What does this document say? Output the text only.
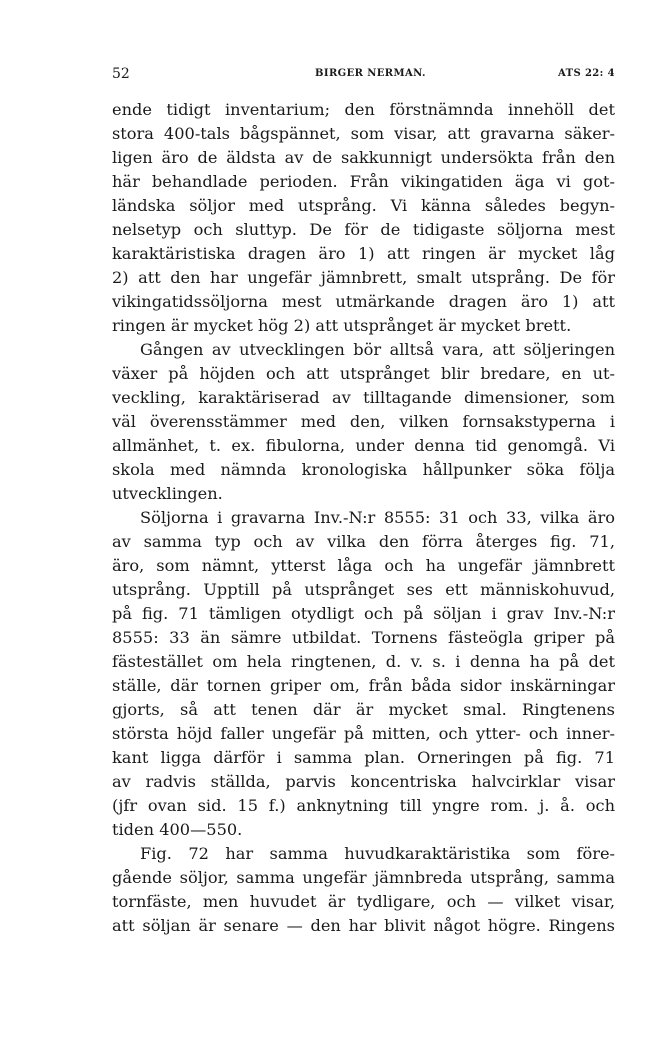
52	BIRGER NERMAN.	ATS 22: 4
ende tidigt inventarium; den förstnämnda innehöll det
stora 400-tals bågspännet, som visar, att gravarna säker-
ligen äro de äldsta av de sakkunnigt undersökta från den
här behandlade perioden. Från vikingatiden äga vi got-
ländska söljor med utsprång. Vi känna således begyn-
nelsetyp och sluttyp. De för de tidigaste söljorna mest
karaktäristiska dragen äro 1) att ringen är mycket låg
2) att den har ungefär jämnbrett, smalt utsprång. De för
vikingatidssöljorna mest utmärkande dragen äro 1) att
ringen är mycket hög 2) att utsprånget är mycket brett.
Gången av utvecklingen bör alltså vara, att söljeringen
växer på höjden och att utsprånget blir bredare, en ut-
veckling, karaktäriserad av tilltagande dimensioner, som
väl överensstämmer med den, vilken fornsakstyperna i
allmänhet, t. ex. fibulorna, under denna tid genomgå. Vi
skola med nämnda kronologiska hållpunker söka följa
utvecklingen.
Söljorna i gravarna Inv.-N:r 8555: 31 och 33, vilka äro
av samma typ och av vilka den förra återges fig. 71,
äro, som nämnt, ytterst låga och ha ungefär jämnbrett
utsprång. Upptill på utsprånget ses ett människohuvud,
på fig. 71 tämligen otydligt och på söljan i grav Inv.-N:r
8555: 33 än sämre utbildat. Tornens fästeögla griper på
fästestället om hela ringtenen, d. v. s. i denna ha på det
ställe, där tornen griper om, från båda sidor inskärningar
gjorts, så att tenen där är mycket smal. Ringtenens
största höjd faller ungefär på mitten, och ytter- och inner-
kant ligga därför i samma plan. Orneringen på fig. 71
av radvis ställda, parvis koncentriska halvcirklar visar
(jfr ovan sid. 15 f.) anknytning till yngre rom. j. å. och
tiden 400—550.
Fig. 72 har samma huvudkaraktäristika som före-
gående söljor, samma ungefär jämnbreda utsprång, samma
tornfäste, men huvudet är tydligare, och — vilket visar,
att söljan är senare — den har blivit något högre. Ringens
